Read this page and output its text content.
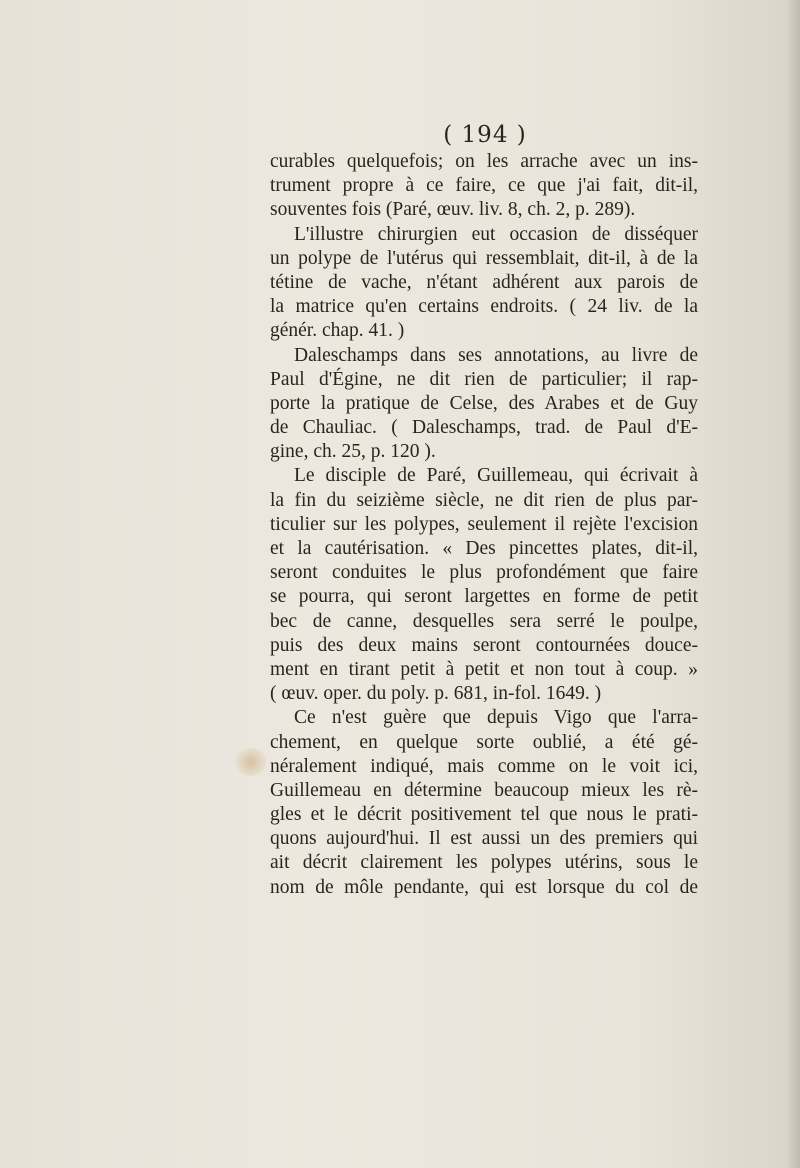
( 194 )
curables quelquefois; on les arrache avec un ins-
trument propre à ce faire, ce que j'ai fait, dit-il,
souventes fois (Paré, œuv. liv. 8, ch. 2, p. 289).
L'illustre chirurgien eut occasion de disséquer
un polype de l'utérus qui ressemblait, dit-il, à de la
tétine de vache, n'étant adhérent aux parois de
la matrice qu'en certains endroits. ( 24 liv. de la
génér. chap. 41. )
Daleschamps dans ses annotations, au livre de
Paul d'Égine, ne dit rien de particulier; il rap-
porte la pratique de Celse, des Arabes et de Guy
de Chauliac. ( Daleschamps, trad. de Paul d'E-
gine, ch. 25, p. 120 ).
Le disciple de Paré, Guillemeau, qui écrivait à
la fin du seizième siècle, ne dit rien de plus par-
ticulier sur les polypes, seulement il rejète l'excision
et la cautérisation. « Des pincettes plates, dit-il,
seront conduites le plus profondément que faire
se pourra, qui seront largettes en forme de petit
bec de canne, desquelles sera serré le poulpe,
puis des deux mains seront contournées douce-
ment en tirant petit à petit et non tout à coup. »
( œuv. oper. du poly. p. 681, in-fol. 1649. )
Ce n'est guère que depuis Vigo que l'arra-
chement, en quelque sorte oublié, a été gé-
néralement indiqué, mais comme on le voit ici,
Guillemeau en détermine beaucoup mieux les rè-
gles et le décrit positivement tel que nous le prati-
quons aujourd'hui. Il est aussi un des premiers qui
ait décrit clairement les polypes utérins, sous le
nom de môle pendante, qui est lorsque du col de
